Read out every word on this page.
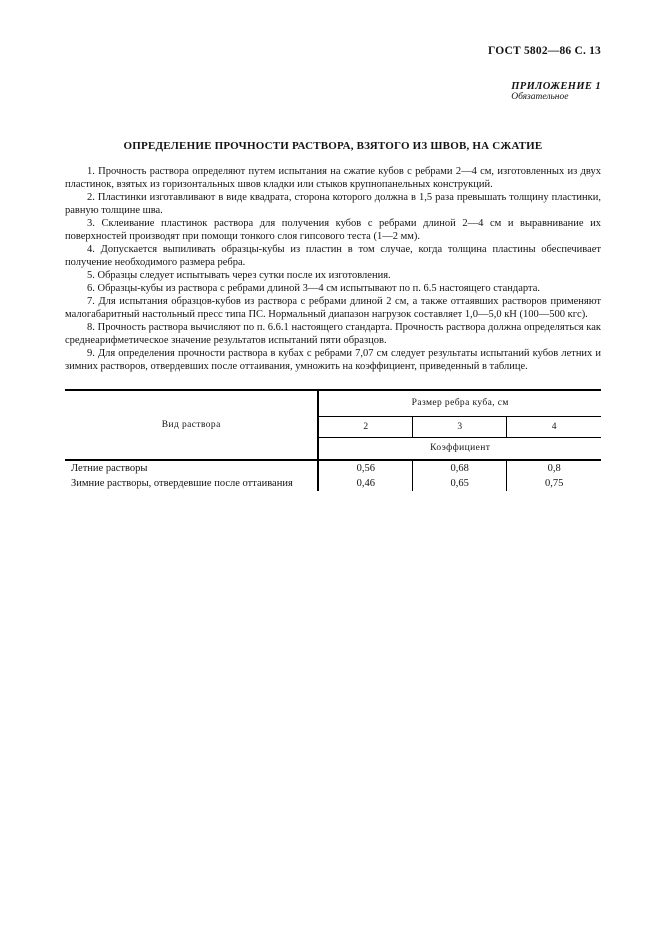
ГОСТ 5802—86 С. 13
ПРИЛОЖЕНИЕ 1
Обязательное
ОПРЕДЕЛЕНИЕ ПРОЧНОСТИ РАСТВОРА, ВЗЯТОГО ИЗ ШВОВ, НА СЖАТИЕ

1. Прочность раствора определяют путем испытания на сжатие кубов с ребрами 2—4 см, изготовленных из двух пластинок, взятых из горизонтальных швов кладки или стыков крупнопанельных конструкций.

2. Пластинки изготавливают в виде квадрата, сторона которого должна в 1,5 раза превышать толщину пластинки, равную толщине шва.

3. Склеивание пластинок раствора для получения кубов с ребрами длиной 2—4 см и выравнивание их поверхностей производят при помощи тонкого слоя гипсового теста (1—2 мм).

4. Допускается выпиливать образцы-кубы из пластин в том случае, когда толщина пластины обеспечивает получение необходимого размера ребра.

5. Образцы следует испытывать через сутки после их изготовления.

6. Образцы-кубы из раствора с ребрами длиной 3—4 см испытывают по п. 6.5 настоящего стандарта.

7. Для испытания образцов-кубов из раствора с ребрами длиной 2 см, а также оттаявших растворов применяют малогабаритный настольный пресс типа ПС. Нормальный диапазон нагрузок составляет 1,0—5,0 кН (100—500 кгс).

8. Прочность раствора вычисляют по п. 6.6.1 настоящего стандарта. Прочность раствора должна определяться как среднеарифметическое значение результатов испытаний пяти образцов.

9. Для определения прочности раствора в кубах с ребрами 7,07 см следует результаты испытаний кубов летних и зимних растворов, отвердевших после оттаивания, умножить на коэффициент, приведенный в таблице.

Вид раствора	Размер ребра куба, см		
	2	3	4
	Коэффициент		
Летние растворы	0,56	0,68	0,8
Зимние растворы, отвердевшие после оттаивания	0,46	0,65	0,75
